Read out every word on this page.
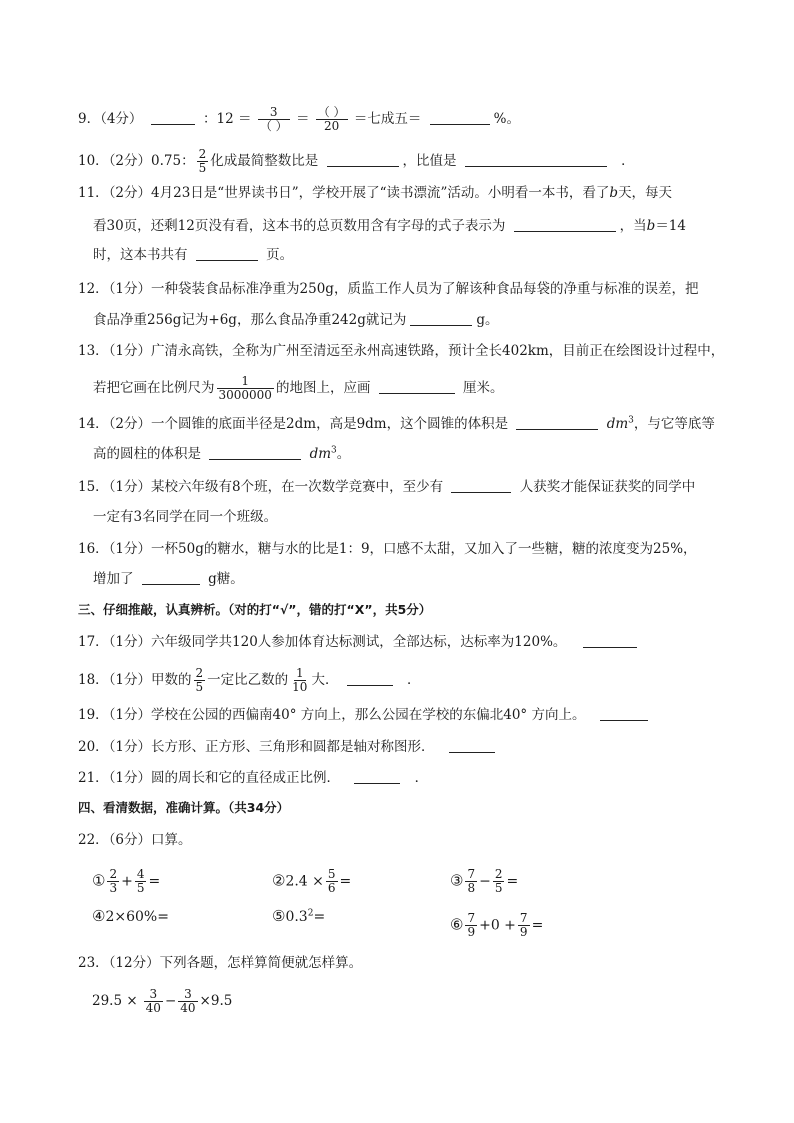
9．（4分）	：$12 = \frac{3}{( )} = \frac{( )}{20}$ ＝七成五＝	%。
10．（2分）0.75： $\frac{2}{5}$ 化成最简整数比是	，比值是	．
11．（2分）4月23日是“世界读书日”，学校开展了“读书漂流”活动。小明看一本书，看了b天，每天
看30页，还剩12页没有看，这本书的总页数用含有字母的式子表示为	，当b＝14
时，这本书共有	页。
12．（1分）一种袋装食品标准净重为250g，质监工作人员为了解该种食品每袋的净重与标准的误差，把
食品净重256g记为+6g，那么食品净重242g就记为	g。
13．（1分）广清永高铁，全称为广州至清远至永州高速铁路，预计全长402km，目前正在绘图设计过程中，
若把它画在比例尺为 $\frac{1}{3000000}$ 的地图上，应画	厘米。
14．（2分）一个圆锥的底面半径是2dm，高是9dm，这个圆锥的体积是	$dm^3$，与它等底等
高的圆柱的体积是	$dm^3$。
15．（1分）某校六年级有8个班，在一次数学竞赛中，至少有	人获奖才能保证获奖的同学中
一定有3名同学在同一个班级。
16．（1分）一杯50g的糖水，糖与水的比是1：9，口感不太甜，又加入了一些糖，糖的浓度变为25%，
增加了	g糖。
三、仔细推敲，认真辨析。（对的打“√”，错的打“X”，共5分）
17．（1分）六年级同学共120人参加体育达标测试，全部达标，达标率为120%。
18．（1分）甲数的 $\frac{2}{5}$ 一定比乙数的 $\frac{1}{10}$ 大．	．
19．（1分）学校在公园的西偏南40° 方向上，那么公园在学校的东偏北40° 方向上。
20．（1分）长方形、正方形、三角形和圆都是轴对称图形．
21．（1分）圆的周长和它的直径成正比例．	．
四、看清数据，准确计算。（共34分）
22．（6分）口算。
① $\frac{2}{3} + \frac{4}{5}$ =	②2.4 × $\frac{5}{6}$ =	③ $\frac{7}{8} - \frac{2}{5}$ =
④2×60%=	$⑤0.3^2=$	⑥ $\frac{7}{9} +0 + \frac{7}{9}$ =
23．（12分）下列各题，怎样算简便就怎样算。
$29.5 \times \frac{3}{40} - \frac{3}{40} \times 9.5$
